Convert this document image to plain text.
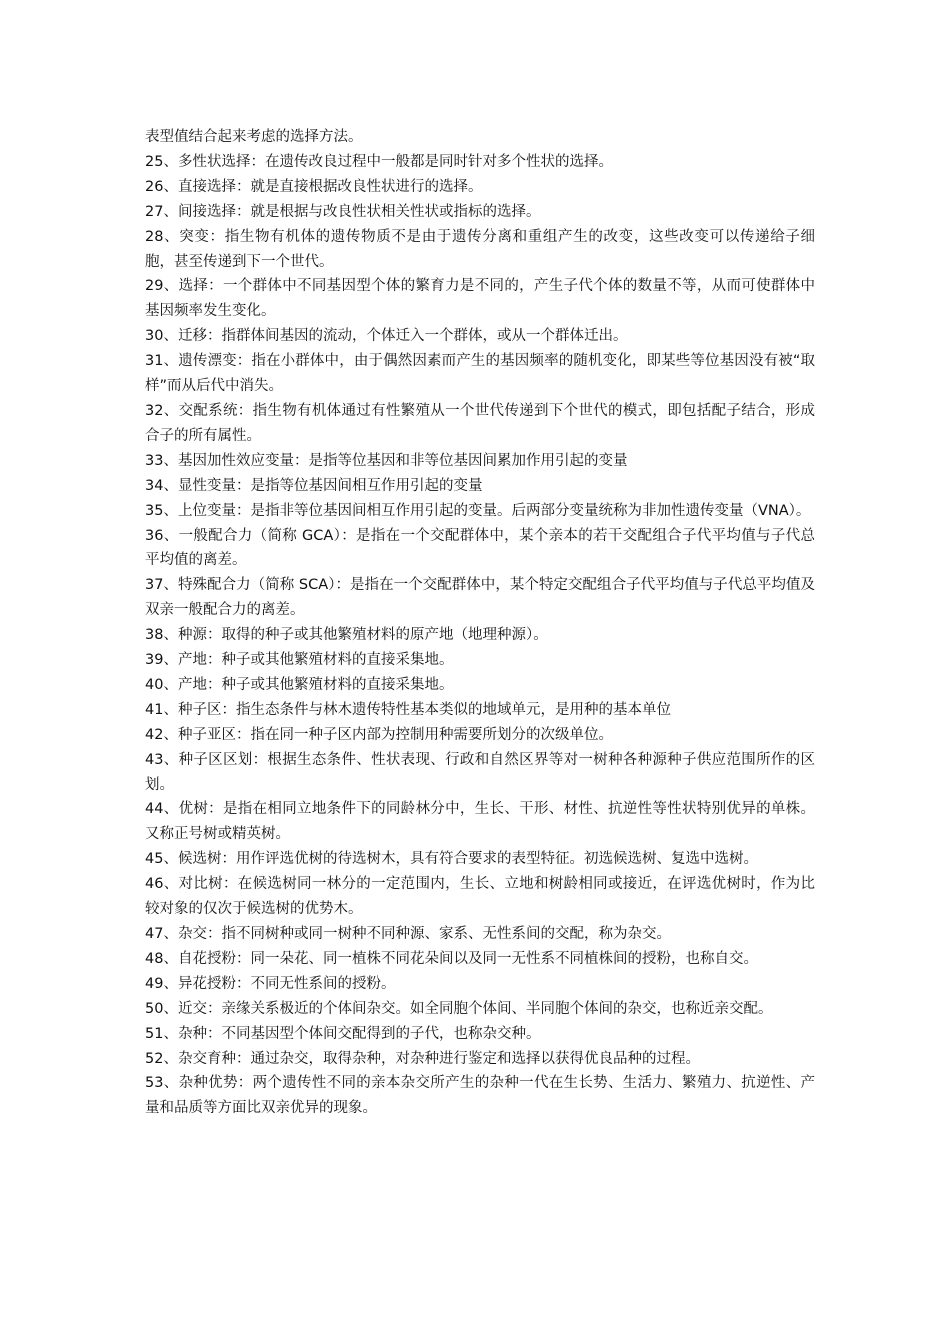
表型值结合起来考虑的选择方法。

25、多性状选择：在遗传改良过程中一般都是同时针对多个性状的选择。

26、直接选择：就是直接根据改良性状进行的选择。

27、间接选择：就是根据与改良性状相关性状或指标的选择。

28、突变：指生物有机体的遗传物质不是由于遗传分离和重组产生的改变，这些改变可以传递给子细胞，甚至传递到下一个世代。

29、选择：一个群体中不同基因型个体的繁育力是不同的，产生子代个体的数量不等，从而可使群体中基因频率发生变化。

30、迁移：指群体间基因的流动，个体迁入一个群体，或从一个群体迁出。

31、遗传漂变：指在小群体中，由于偶然因素而产生的基因频率的随机变化，即某些等位基因没有被“取样”而从后代中消失。

32、交配系统：指生物有机体通过有性繁殖从一个世代传递到下个世代的模式，即包括配子结合，形成合子的所有属性。

33、基因加性效应变量：是指等位基因和非等位基因间累加作用引起的变量

34、显性变量：是指等位基因间相互作用引起的变量

35、上位变量：是指非等位基因间相互作用引起的变量。后两部分变量统称为非加性遗传变量（VNA）。

36、一般配合力（简称 GCA）：是指在一个交配群体中，某个亲本的若干交配组合子代平均值与子代总平均值的离差。

37、特殊配合力（简称 SCA）：是指在一个交配群体中，某个特定交配组合子代平均值与子代总平均值及双亲一般配合力的离差。

38、种源：取得的种子或其他繁殖材料的原产地（地理种源）。

39、产地：种子或其他繁殖材料的直接采集地。

40、产地：种子或其他繁殖材料的直接采集地。

41、种子区：指生态条件与林木遗传特性基本类似的地域单元，是用种的基本单位

42、种子亚区：指在同一种子区内部为控制用种需要所划分的次级单位。

43、种子区区划：根据生态条件、性状表现、行政和自然区界等对一树种各种源种子供应范围所作的区划。

44、优树：是指在相同立地条件下的同龄林分中，生长、干形、材性、抗逆性等性状特别优异的单株。又称正号树或精英树。

45、候选树：用作评选优树的待选树木，具有符合要求的表型特征。初选候选树、复选中选树。

46、对比树：在候选树同一林分的一定范围内，生长、立地和树龄相同或接近，在评选优树时，作为比较对象的仅次于候选树的优势木。

47、杂交：指不同树种或同一树种不同种源、家系、无性系间的交配，称为杂交。

48、自花授粉：同一朵花、同一植株不同花朵间以及同一无性系不同植株间的授粉，也称自交。

49、异花授粉：不同无性系间的授粉。

50、近交：亲缘关系极近的个体间杂交。如全同胞个体间、半同胞个体间的杂交，也称近亲交配。

51、杂种：不同基因型个体间交配得到的子代，也称杂交种。

52、杂交育种：通过杂交，取得杂种，对杂种进行鉴定和选择以获得优良品种的过程。

53、杂种优势：两个遗传性不同的亲本杂交所产生的杂种一代在生长势、生活力、繁殖力、抗逆性、产量和品质等方面比双亲优异的现象。
